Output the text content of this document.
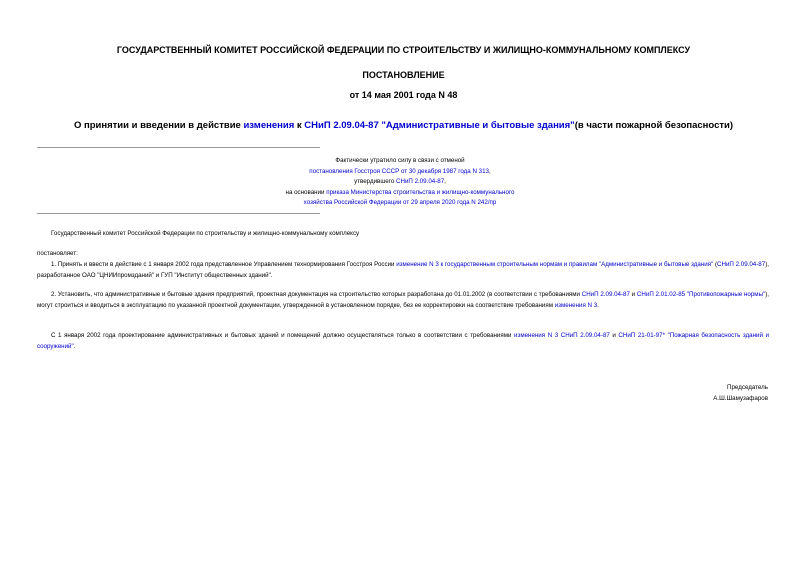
ГОСУДАРСТВЕННЫЙ КОМИТЕТ РОССИЙСКОЙ ФЕДЕРАЦИИ ПО СТРОИТЕЛЬСТВУ И ЖИЛИЩНО-КОММУНАЛЬНОМУ КОМПЛЕКСУ
ПОСТАНОВЛЕНИЕ
от 14 мая 2001 года N 48
О принятии и введении в действие изменения к СНиП 2.09.04-87 "Административные и бытовые здания"(в части пожарной безопасности)
Фактически утратило силу в связи с отменой
постановления Госстроя СССР от 30 декабря 1987 года N 313,
утвердившего СНиП 2.09.04-87,
на основании приказа Министерства строительства и жилищно-коммунального
хозяйства Российской Федерации от 29 апреля 2020 года N 242/пр
Государственный комитет Российской Федерации по строительству и жилищно-коммунальному комплексу
постановляет:
1. Принять и ввести в действие с 1 января 2002 года представленное Управлением технормирования Госстроя России изменение N 3 к государственным строительным нормам и правилам "Административные и бытовые здания" (СНиП 2.09.04-87), разработанное ОАО "ЦНИИпромзданий" и ГУП "Институт общественных зданий".
2. Установить, что административные и бытовые здания предприятий, проектная документация на строительство которых разработана до 01.01.2002 (в соответствии с требованиями СНиП 2.09.04-87 и СНиП 2.01.02-85 "Противопожарные нормы"), могут строиться и вводиться в эксплуатацию по указанной проектной документации, утвержденной в установленном порядке, без ее корректировки на соответствие требованиям изменения N 3.
С 1 января 2002 года проектирование административных и бытовых зданий и помещений должно осуществляться только в соответствии с требованиями изменения N 3 СНиП 2.09.04-87 и СНиП 21-01-97* "Пожарная безопасность зданий и сооружений".
Председатель
А.Ш.Шамузафаров
